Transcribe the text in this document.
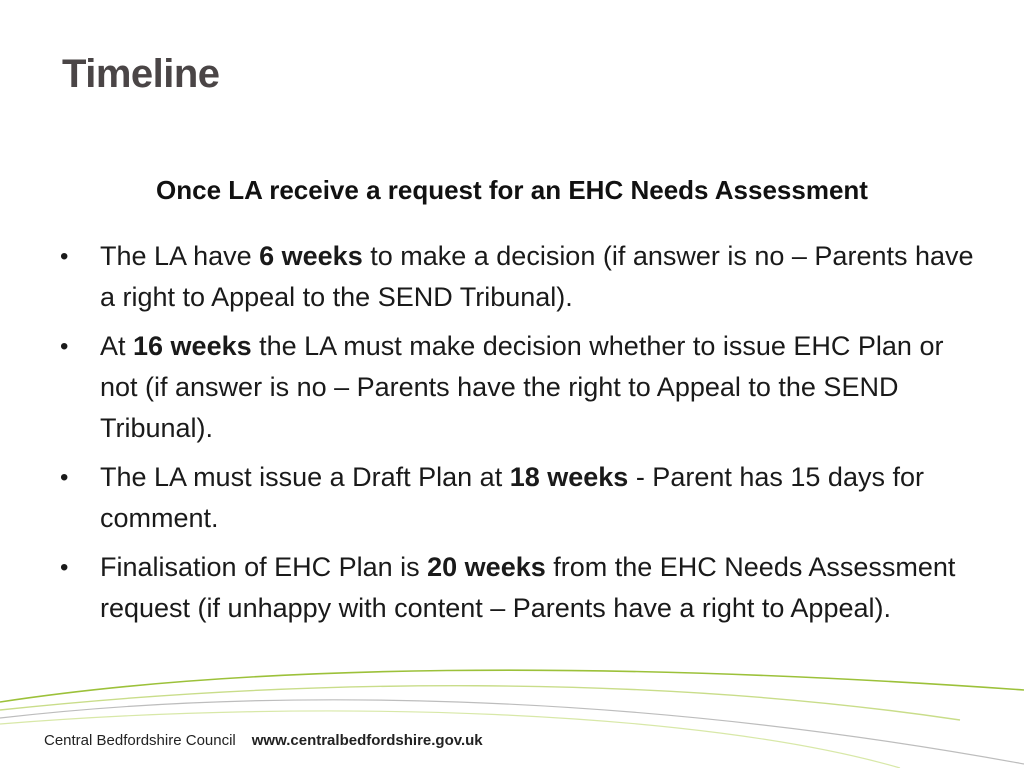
Timeline
Once LA receive a request for an EHC Needs Assessment
• The LA have 6 weeks to make a decision (if answer is no – Parents have a right to Appeal to the SEND Tribunal).
• At 16 weeks the LA must make decision whether to issue EHC Plan or not (if answer is no – Parents have the right to Appeal to the SEND Tribunal).
• The LA must issue a Draft Plan at 18 weeks - Parent has 15 days for comment.
• Finalisation of EHC Plan is 20 weeks from the EHC Needs Assessment request (if unhappy with content – Parents have a right to Appeal).
Central Bedfordshire Council www.centralbedfordshire.gov.uk
